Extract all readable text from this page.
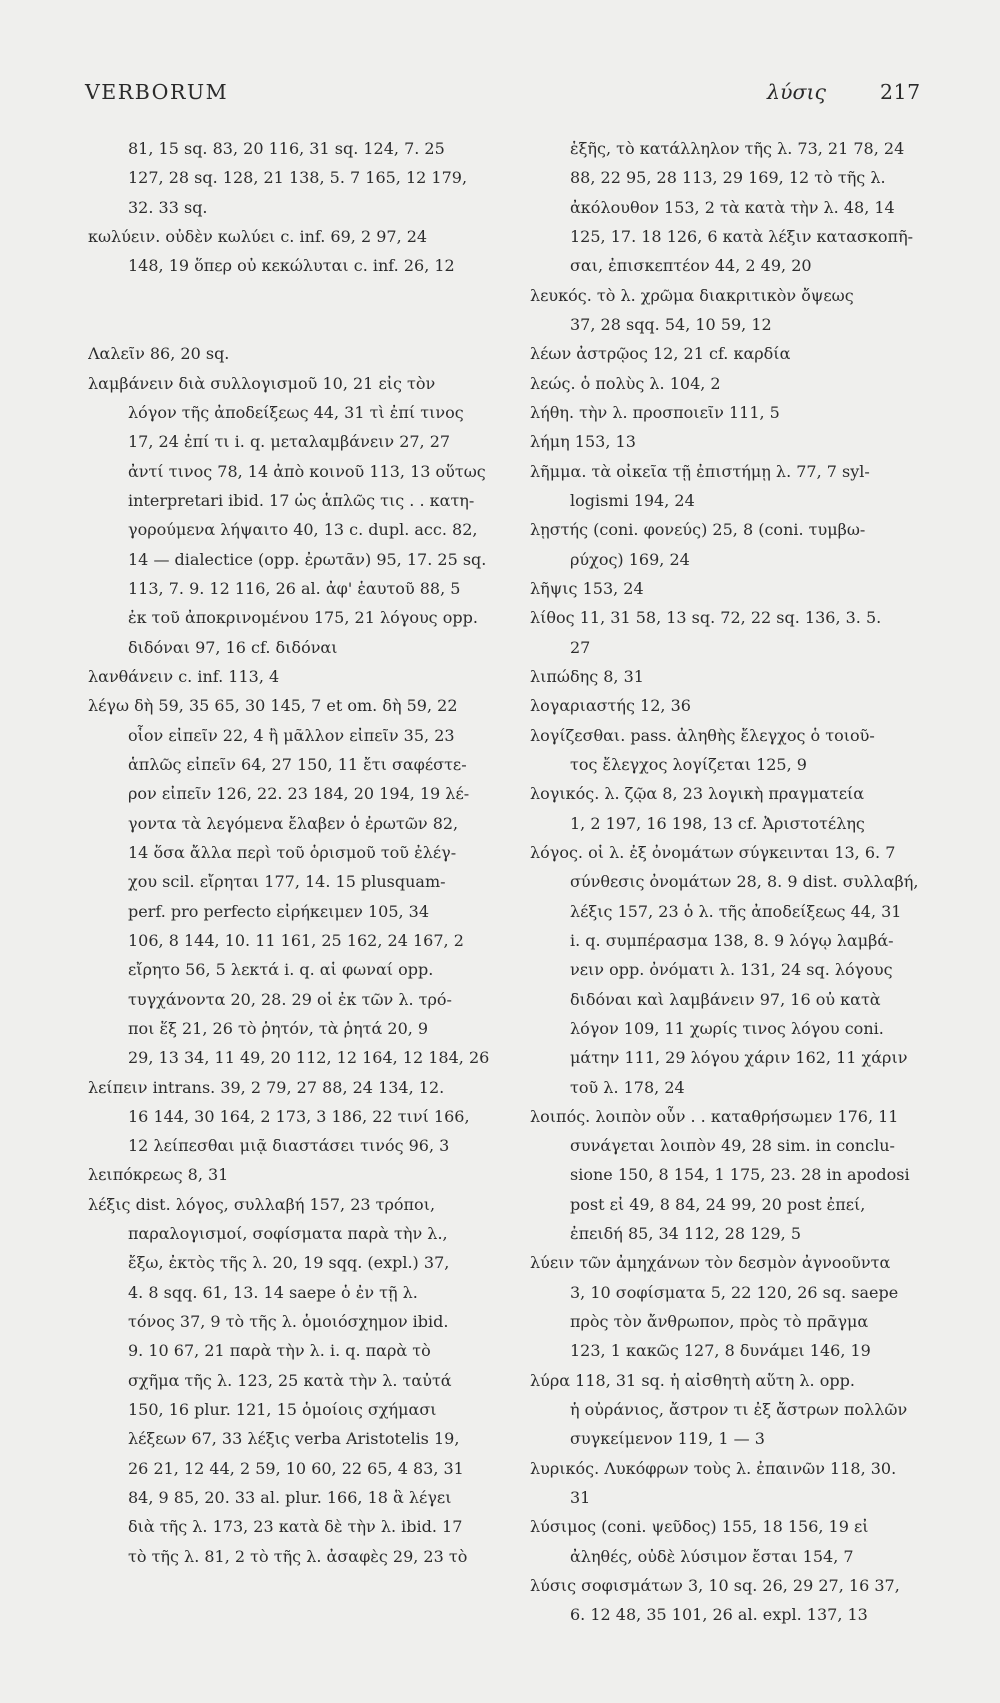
VERBORUM	λύσις	217
81, 15 sq. 83, 20 116, 31 sq. 124, 7. 25
127, 28 sq. 128, 21 138, 5. 7 165, 12 179,
32. 33 sq.
κωλύειν. οὐδὲν κωλύει c. inf. 69, 2 97, 24
148, 19 ὅπερ οὐ κεκώλυται c. inf. 26, 12
Λαλεῖν 86, 20 sq.
λαμβάνειν διὰ συλλογισμοῦ 10, 21 εἰς τὸν
λόγον τῆς ἀποδείξεως 44, 31 τὶ ἐπί τινος
17, 24 ἐπί τι i. q. μεταλαμβάνειν 27, 27
ἀντί τινος 78, 14 ἀπὸ κοινοῦ 113, 13 οὕτως
interpretari ibid. 17 ὡς ἁπλῶς τις . . κατη-
γορούμενα λήψαιτο 40, 13 c. dupl. acc. 82,
14 — dialectice (opp. ἐρωτᾶν) 95, 17. 25 sq.
113, 7. 9. 12 116, 26 al. ἀφ' ἑαυτοῦ 88, 5
ἐκ τοῦ ἀποκρινομένου 175, 21 λόγους opp.
διδόναι 97, 16 cf. διδόναι
λανθάνειν c. inf. 113, 4
λέγω δὴ 59, 35 65, 30 145, 7 et om. δὴ 59, 22
οἷον εἰπεῖν 22, 4 ἢ μᾶλλον εἰπεῖν 35, 23
ἁπλῶς εἰπεῖν 64, 27 150, 11 ἔτι σαφέστε-
ρον εἰπεῖν 126, 22. 23 184, 20 194, 19 λέ-
γοντα τὰ λεγόμενα ἔλαβεν ὁ ἐρωτῶν 82,
14 ὅσα ἄλλα περὶ τοῦ ὁρισμοῦ τοῦ ἐλέγ-
χου scil. εἴρηται 177, 14. 15 plusquam-
perf. pro perfecto εἰρήκειμεν 105, 34
106, 8 144, 10. 11 161, 25 162, 24 167, 2
εἴρητο 56, 5 λεκτά i. q. αἱ φωναί opp.
τυγχάνοντα 20, 28. 29 οἱ ἐκ τῶν λ. τρό-
ποι ἕξ 21, 26 τὸ ῥητόν, τὰ ῥητά 20, 9
29, 13 34, 11 49, 20 112, 12 164, 12 184, 26
λείπειν intrans. 39, 2 79, 27 88, 24 134, 12.
16 144, 30 164, 2 173, 3 186, 22 τινί 166,
12 λείπεσθαι μιᾷ διαστάσει τινός 96, 3
λειπόκρεως 8, 31
λέξις dist. λόγος, συλλαβή 157, 23 τρόποι,
παραλογισμοί, σοφίσματα παρὰ τὴν λ.,
ἔξω, ἐκτὸς τῆς λ. 20, 19 sqq. (expl.) 37,
4. 8 sqq. 61, 13. 14 saepe ὁ ἐν τῇ λ.
τόνος 37, 9 τὸ τῆς λ. ὁμοιόσχημον ibid.
9. 10 67, 21 παρὰ τὴν λ. i. q. παρὰ τὸ
σχῆμα τῆς λ. 123, 25 κατὰ τὴν λ. ταὐτά
150, 16 plur. 121, 15 ὁμοίοις σχήμασι
λέξεων 67, 33 λέξις verba Aristotelis 19,
26 21, 12 44, 2 59, 10 60, 22 65, 4 83, 31
84, 9 85, 20. 33 al. plur. 166, 18 ἃ λέγει
διὰ τῆς λ. 173, 23 κατὰ δὲ τὴν λ. ibid. 17
τὸ τῆς λ. 81, 2 τὸ τῆς λ. ἀσαφὲς 29, 23 τὸ
ἑξῆς, τὸ κατάλληλον τῆς λ. 73, 21 78, 24
88, 22 95, 28 113, 29 169, 12 τὸ τῆς λ.
ἀκόλουθον 153, 2 τὰ κατὰ τὴν λ. 48, 14
125, 17. 18 126, 6 κατὰ λέξιν κατασκοπῆ-
σαι, ἐπισκεπτέον 44, 2 49, 20
λευκός. τὸ λ. χρῶμα διακριτικὸν ὄψεως
37, 28 sqq. 54, 10 59, 12
λέων ἀστρῷος 12, 21 cf. καρδία
λεώς. ὁ πολὺς λ. 104, 2
λήθη. τὴν λ. προσποιεῖν 111, 5
λήμη 153, 13
λῆμμα. τὰ οἰκεῖα τῇ ἐπιστήμῃ λ. 77, 7 syl-
logismi 194, 24
λῃστής (coni. φονεύς) 25, 8 (coni. τυμβω-
ρύχος) 169, 24
λῆψις 153, 24
λίθος 11, 31 58, 13 sq. 72, 22 sq. 136, 3. 5.
27
λιπώδης 8, 31
λογαριαστής 12, 36
λογίζεσθαι. pass. ἀληθὴς ἔλεγχος ὁ τοιοῦ-
τος ἔλεγχος λογίζεται 125, 9
λογικός. λ. ζῷα 8, 23 λογικὴ πραγματεία
1, 2 197, 16 198, 13 cf. Ἀριστοτέλης
λόγος. οἱ λ. ἐξ ὀνομάτων σύγκεινται 13, 6. 7
σύνθεσις ὀνομάτων 28, 8. 9 dist. συλλαβή,
λέξις 157, 23 ὁ λ. τῆς ἀποδείξεως 44, 31
i. q. συμπέρασμα 138, 8. 9 λόγῳ λαμβά-
νειν opp. ὀνόματι λ. 131, 24 sq. λόγους
διδόναι καὶ λαμβάνειν 97, 16 οὐ κατὰ
λόγον 109, 11 χωρίς τινος λόγου coni.
μάτην 111, 29 λόγου χάριν 162, 11 χάριν
τοῦ λ. 178, 24
λοιπός. λοιπὸν οὖν . . καταθρήσωμεν 176, 11
συνάγεται λοιπὸν 49, 28 sim. in conclu-
sione 150, 8 154, 1 175, 23. 28 in apodosi
post εἰ 49, 8 84, 24 99, 20 post ἐπεί,
ἐπειδή 85, 34 112, 28 129, 5
λύειν τῶν ἀμηχάνων τὸν δεσμὸν ἀγνοοῦντα
3, 10 σοφίσματα 5, 22 120, 26 sq. saepe
πρὸς τὸν ἄνθρωπον, πρὸς τὸ πρᾶγμα
123, 1 κακῶς 127, 8 δυνάμει 146, 19
λύρα 118, 31 sq. ἡ αἰσθητὴ αὕτη λ. opp.
ἡ οὐράνιος, ἄστρον τι ἐξ ἄστρων πολλῶν
συγκείμενον 119, 1 — 3
λυρικός. Λυκόφρων τοὺς λ. ἐπαινῶν 118, 30.
31
λύσιμος (coni. ψεῦδος) 155, 18 156, 19 εἰ
ἀληθές, οὐδὲ λύσιμον ἔσται 154, 7
λύσις σοφισμάτων 3, 10 sq. 26, 29 27, 16 37,
6. 12 48, 35 101, 26 al. expl. 137, 13
